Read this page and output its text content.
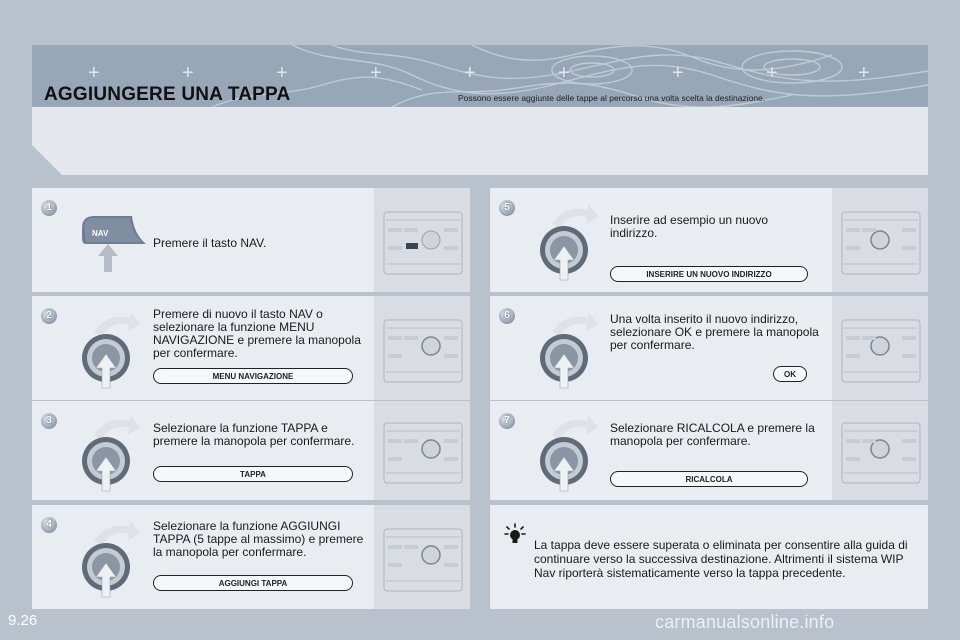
+	+	+	+	+	+	+	+	+
AGGIUNGERE UNA TAPPA	Possono essere aggiunte delle tappe al percorso una volta scelta la destinazione.
1
NAV
Premere il tasto NAV.
2	Premere di nuovo il tasto NAV o selezionare la funzione MENU NAVIGAZIONE e premere la manopola per confermare.
MENU NAVIGAZIONE
3
Selezionare la funzione TAPPA e premere la manopola per confermare.
TAPPA
4	Selezionare la funzione AGGIUNGI TAPPA (5 tappe al massimo) e premere la manopola per confermare.
AGGIUNGI TAPPA
5
Inserire ad esempio un nuovo indirizzo.
INSERIRE UN NUOVO INDIRIZZO
6	Una volta inserito il nuovo indirizzo, selezionare OK e premere la manopola per confermare.
OK
7
Selezionare RICALCOLA e premere la manopola per confermare.
RICALCOLA
La tappa deve essere superata o eliminata per consentire alla guida di continuare verso la successiva destinazione. Altrimenti il sistema WIP Nav riporterà sistematicamente verso la tappa precedente.
9.26	carmanualsonline.info
